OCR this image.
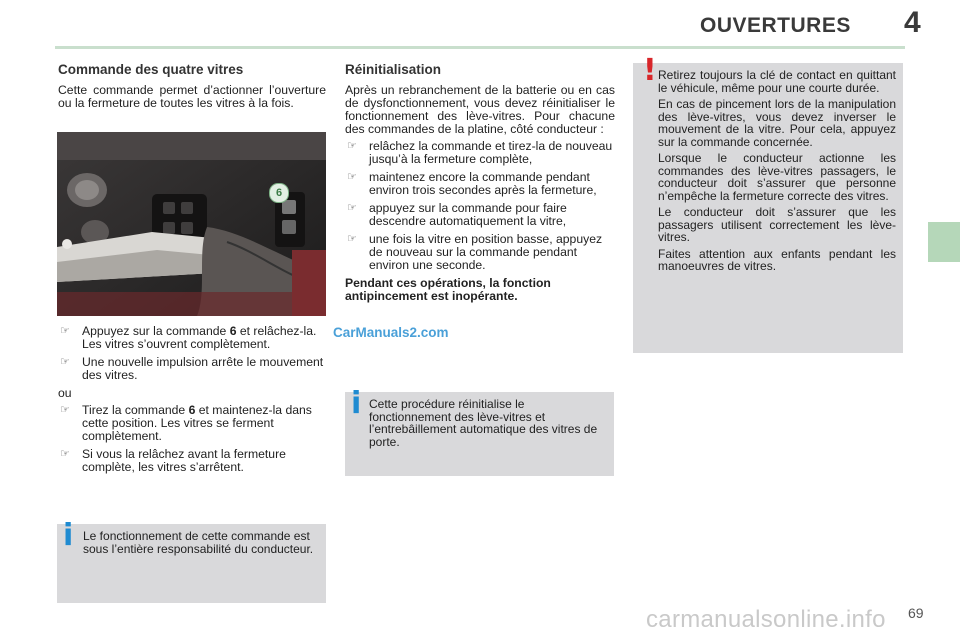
OUVERTURES 4
Commande des quatre vitres

Cette commande permet d’actionner l’ouverture ou la fermeture de toutes les vitres à la fois.

6
☞ Appuyez sur la commande 6 et relâchez-la. Les vitres s’ouvrent complètement.
☞ Une nouvelle impulsion arrête le mouvement des vitres.

ou

☞ Tirez la commande 6 et maintenez-la dans cette position. Les vitres se ferment complètement.
☞ Si vous la relâchez avant la fermeture complète, les vitres s’arrêtent.
i Le fonctionnement de cette commande est sous l’entière responsabilité du conducteur.

Réinitialisation

Après un rebranchement de la batterie ou en cas de dysfonctionnement, vous devez réinitialiser le fonctionnement des lève-vitres. Pour chacune des commandes de la platine, côté conducteur :

☞ relâchez la commande et tirez-la de nouveau jusqu’à la fermeture complète,
☞ maintenez encore la commande pendant environ trois secondes après la fermeture,
☞ appuyez sur la commande pour faire descendre automatiquement la vitre,
☞ une fois la vitre en position basse, appuyez de nouveau sur la commande pendant environ une seconde.

Pendant ces opérations, la fonction antipincement est inopérante.

i Cette procédure réinitialise le fonctionnement des lève-vitres et l’entrebâillement automatique des vitres de porte.

! Retirez toujours la clé de contact en quittant le véhicule, même pour une courte durée.

En cas de pincement lors de la manipulation des lève-vitres, vous devez inverser le mouvement de la vitre. Pour cela, appuyez sur la commande concernée.

Lorsque le conducteur actionne les commandes des lève-vitres passagers, le conducteur doit s’assurer que personne n’empêche la fermeture correcte des vitres.

Le conducteur doit s’assurer que les passagers utilisent correctement les lève-vitres.

Faites attention aux enfants pendant les manoeuvres de vitres.

CarManuals2.com
69
carmanualsonline.info
